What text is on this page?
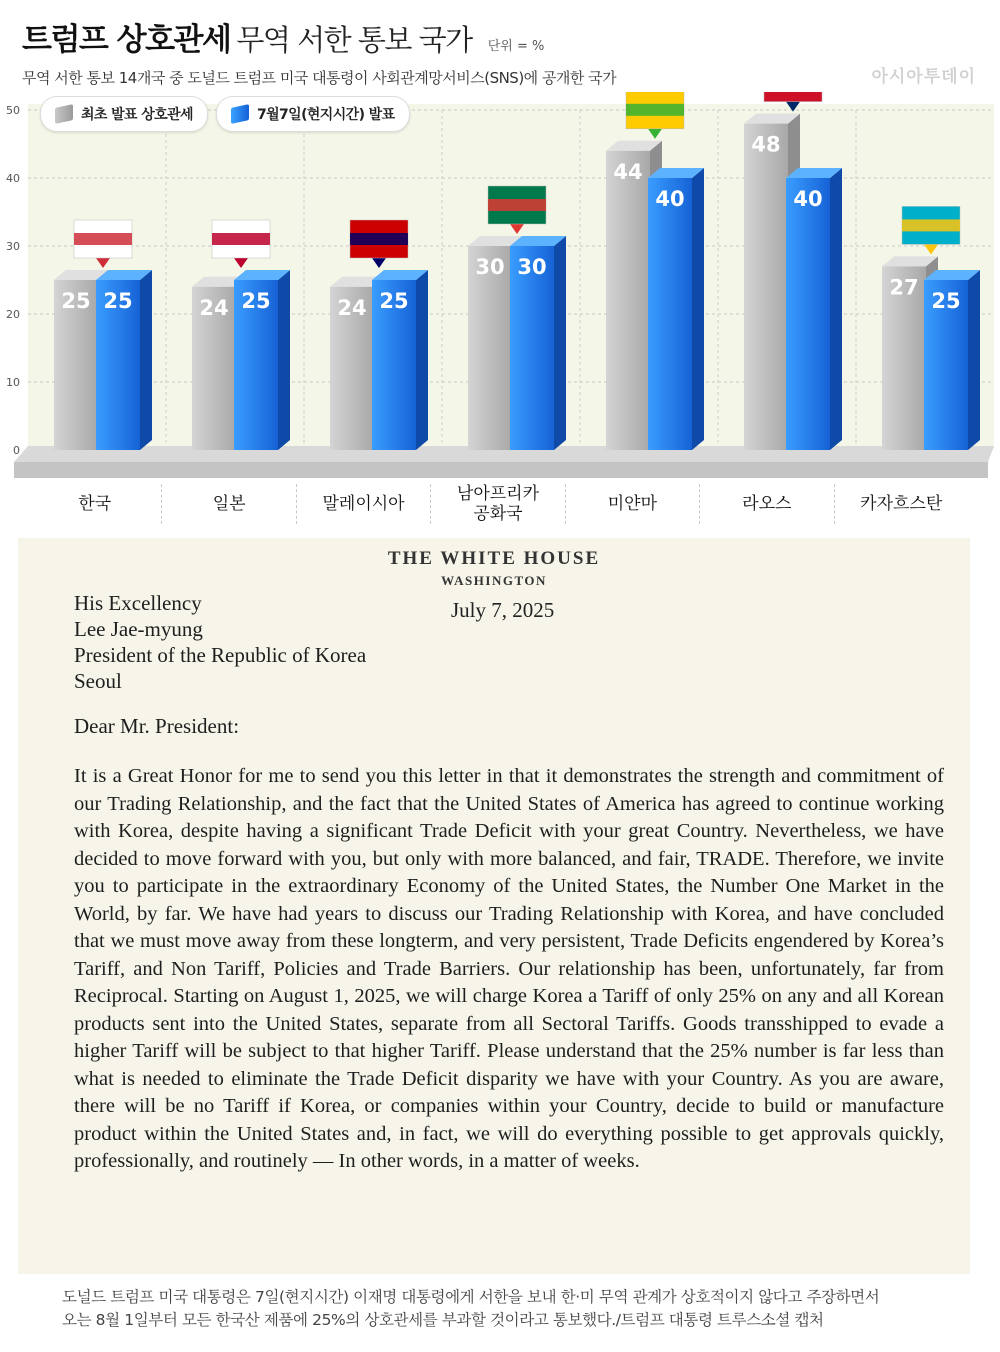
트럼프 상호관세 무역 서한 통보 국가 단위 = %
무역 서한 통보 14개국 중 도널드 트럼프 미국 대통령이 사회관계망서비스(SNS)에 공개한 국가	아시아투데이
0
10
20
30
40
50
25 25	24 25	24 25
30 30
44
40
48
40
27
25
최초 발표 상호관세	7월7일(현지시간) 발표
한국	일본	말레이시아	남아프리카
공화국	미얀마	라오스	카자흐스탄
THE WHITE HOUSE
WASHINGTON
July 7, 2025
His Excellency
Lee Jae-myung
President of the Republic of Korea
Seoul
Dear Mr. President:
It is a Great Honor for me to send you this letter in that it demonstrates the strength and commitment of our Trading Relationship, and the fact that the United States of America has agreed to continue working with Korea, despite having a significant Trade Deficit with your great Country. Nevertheless, we have decided to move forward with you, but only with more balanced, and fair, TRADE. Therefore, we invite you to participate in the extraordinary Economy of the United States, the Number One Market in the World, by far. We have had years to discuss our Trading Relationship with Korea, and have concluded that we must move away from these longterm, and very persistent, Trade Deficits engendered by Korea’s Tariff, and Non Tariff, Policies and Trade Barriers. Our relationship has been, unfortunately, far from Reciprocal. Starting on August 1, 2025, we will charge Korea a Tariff of only 25% on any and all Korean products sent into the United States, separate from all Sectoral Tariffs. Goods transshipped to evade a higher Tariff will be subject to that higher Tariff. Please understand that the 25% number is far less than what is needed to eliminate the Trade Deficit disparity we have with your Country. As you are aware, there will be no Tariff if Korea, or companies within your Country, decide to build or manufacture product within the United States and, in fact, we will do everything possible to get approvals quickly, professionally, and routinely — In other words, in a matter of weeks.
도널드 트럼프 미국 대통령은 7일(현지시간) 이재명 대통령에게 서한을 보내 한·미 무역 관계가 상호적이지 않다고 주장하면서
오는 8월 1일부터 모든 한국산 제품에 25%의 상호관세를 부과할 것이라고 통보했다./트럼프 대통령 트루스소셜 캡처
